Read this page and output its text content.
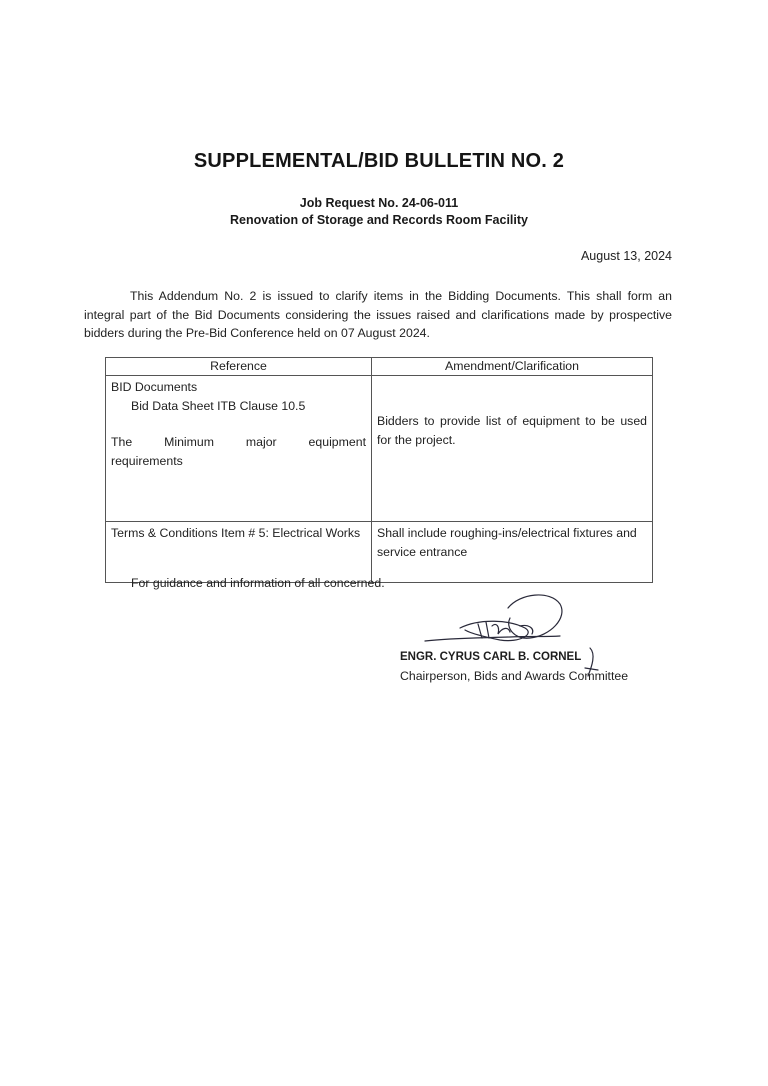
SUPPLEMENTAL/BID BULLETIN NO. 2
Job Request No. 24-06-011
Renovation of Storage and Records Room Facility
August 13, 2024
This Addendum No. 2 is issued to clarify items in the Bidding Documents. This shall form an integral part of the Bid Documents considering the issues raised and clarifications made by prospective bidders during the Pre-Bid Conference held on 07 August 2024.
Reference	Amendment/Clarification

BID Documents
Bid Data Sheet ITB Clause 10.5
The Minimum major equipment
requirements	Bidders to provide list of equipment to be used for the project.
Terms & Conditions Item # 5: Electrical Works	Shall include roughing-ins/electrical fixtures and service entrance
For guidance and information of all concerned.
ENGR. CYRUS CARL B. CORNEL
Chairperson, Bids and Awards Committee
